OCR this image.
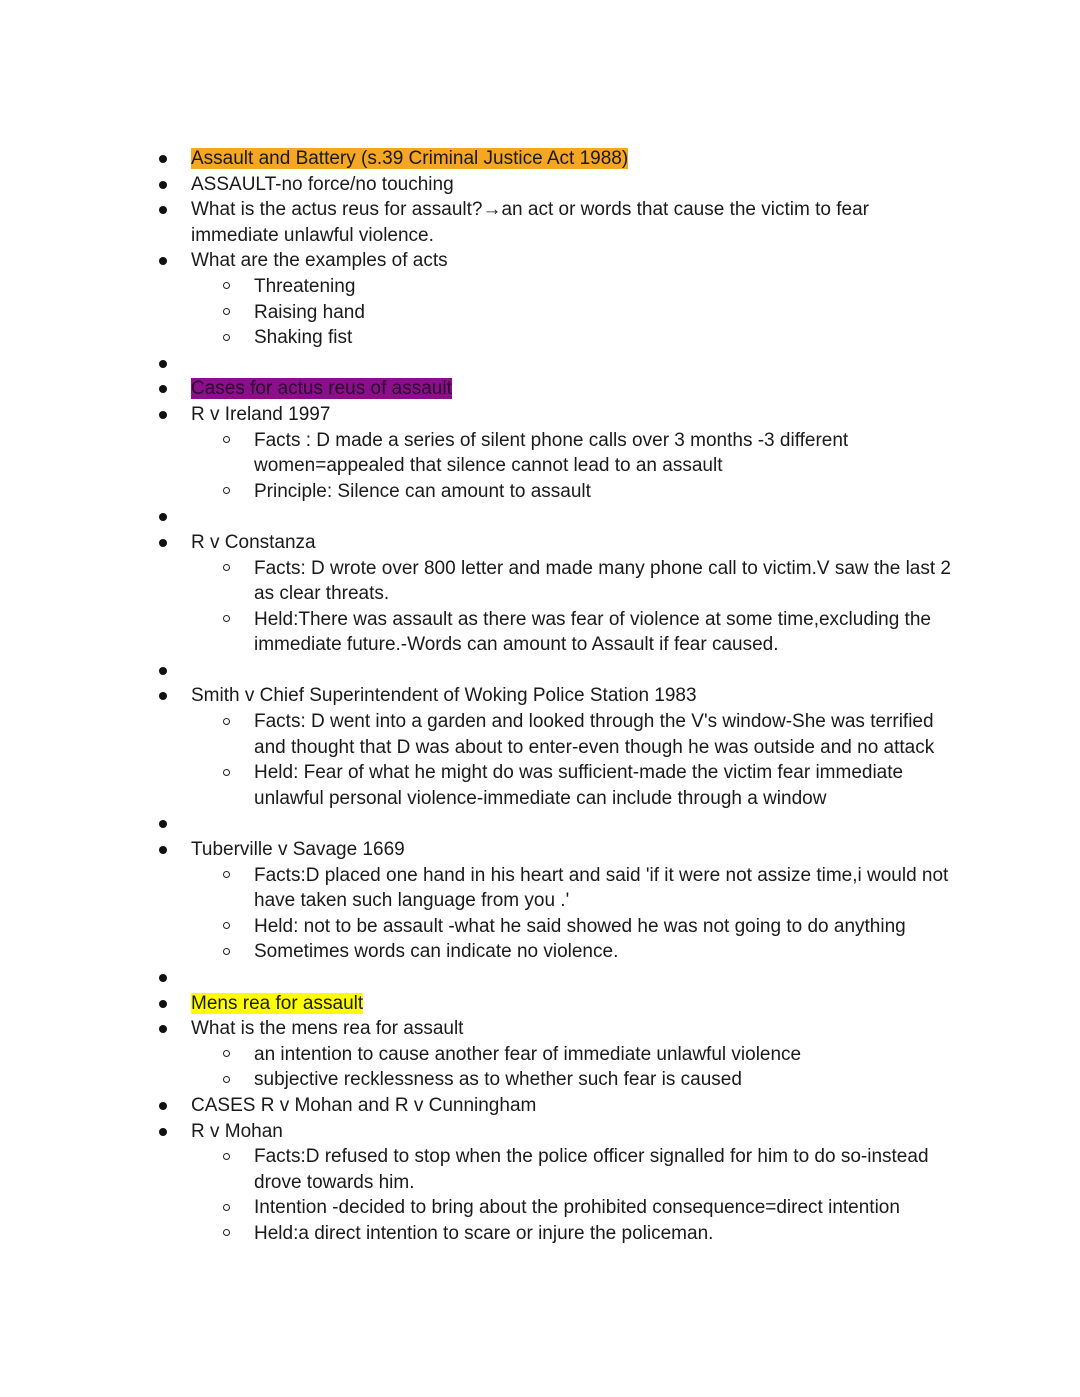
Assault and Battery (s.39 Criminal Justice Act 1988)
ASSAULT-no force/no touching
What is the actus reus for assault?→an act or words that cause the victim to fear immediate unlawful violence.
What are the examples of acts
Threatening
Raising hand
Shaking fist
Cases for actus reus of assault
R v Ireland 1997
Facts : D made a series of silent phone calls over 3 months -3 different women=appealed that silence cannot lead to an assault
Principle: Silence can amount to assault
R v Constanza
Facts: D wrote over 800 letter and made many phone call to victim.V saw the last 2 as clear threats.
Held:There was assault as there was fear of violence at some time,excluding the immediate future.-Words can amount to Assault if fear caused.
Smith v Chief Superintendent of Woking Police Station 1983
Facts: D went into a garden and looked through the V's window-She was terrified and thought that D was about to enter-even though he was outside and no attack
Held: Fear of what he might do was sufficient-made the victim fear immediate unlawful personal violence-immediate can include through a window
Tuberville v Savage 1669
Facts:D placed one hand in his heart and said 'if it were not assize time,i would not have taken such language from you .'
Held: not to be assault -what he said showed he was not going to do anything
Sometimes words can indicate no violence.
Mens rea for assault
What is the mens rea for assault
an intention to cause another fear of immediate unlawful violence
subjective recklessness as to whether such fear is caused
CASES R v Mohan and R v Cunningham
R v Mohan
Facts:D refused to stop when the police officer signalled for him to do so-instead drove towards him.
Intention -decided to bring about the prohibited consequence=direct intention
Held:a direct intention to scare or injure the policeman.
